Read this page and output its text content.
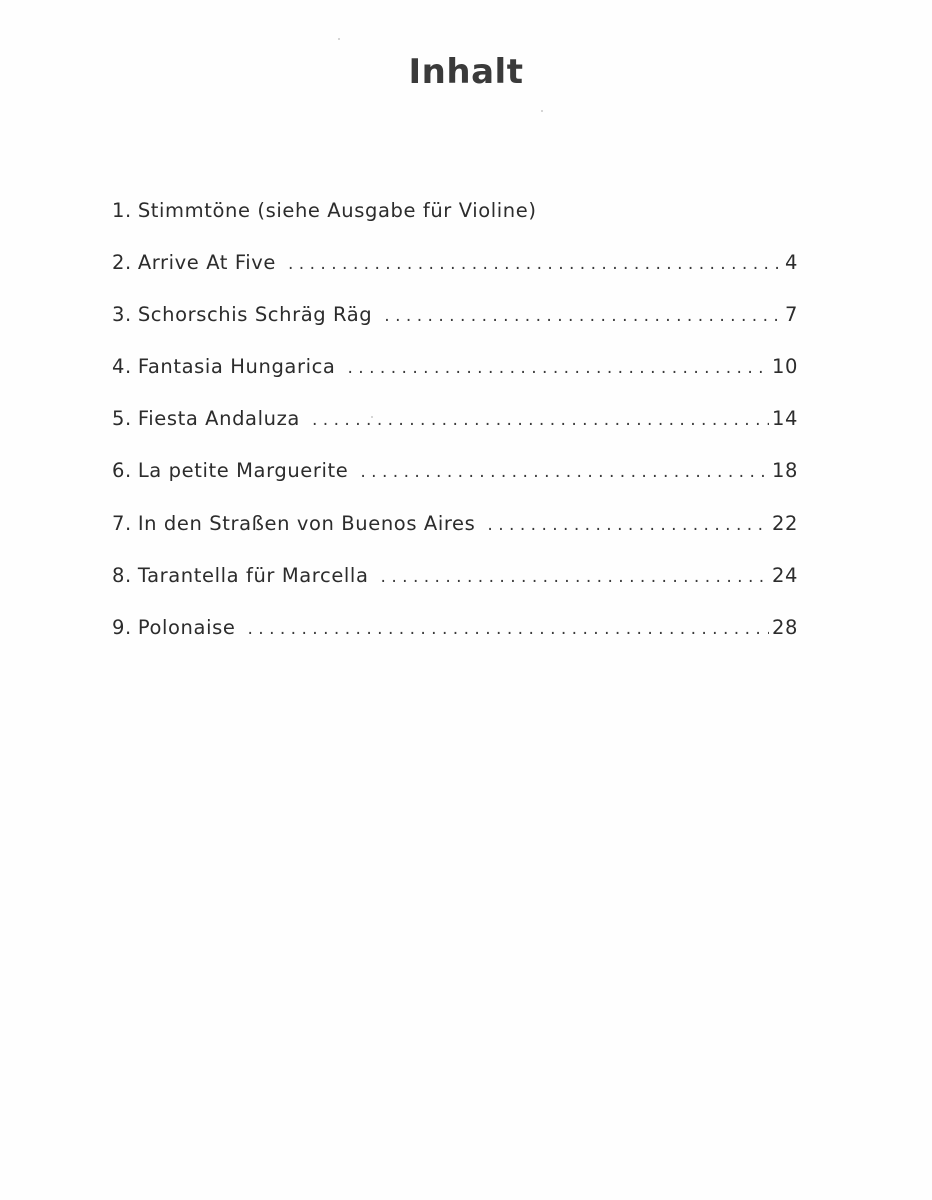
Inhalt
1. Stimmtöne (siehe Ausgabe für Violine)
2. Arrive At Five . . .	4
3. Schorschis Schräg Räg . . .	7
4. Fantasia Hungarica . . .	10
5. Fiesta Andaluza . . .	14
6. La petite Marguerite . . .	18
7. In den Straßen von Buenos Aires . . .	22
8. Tarantella für Marcella . . .	24
9. Polonaise . . .	28
